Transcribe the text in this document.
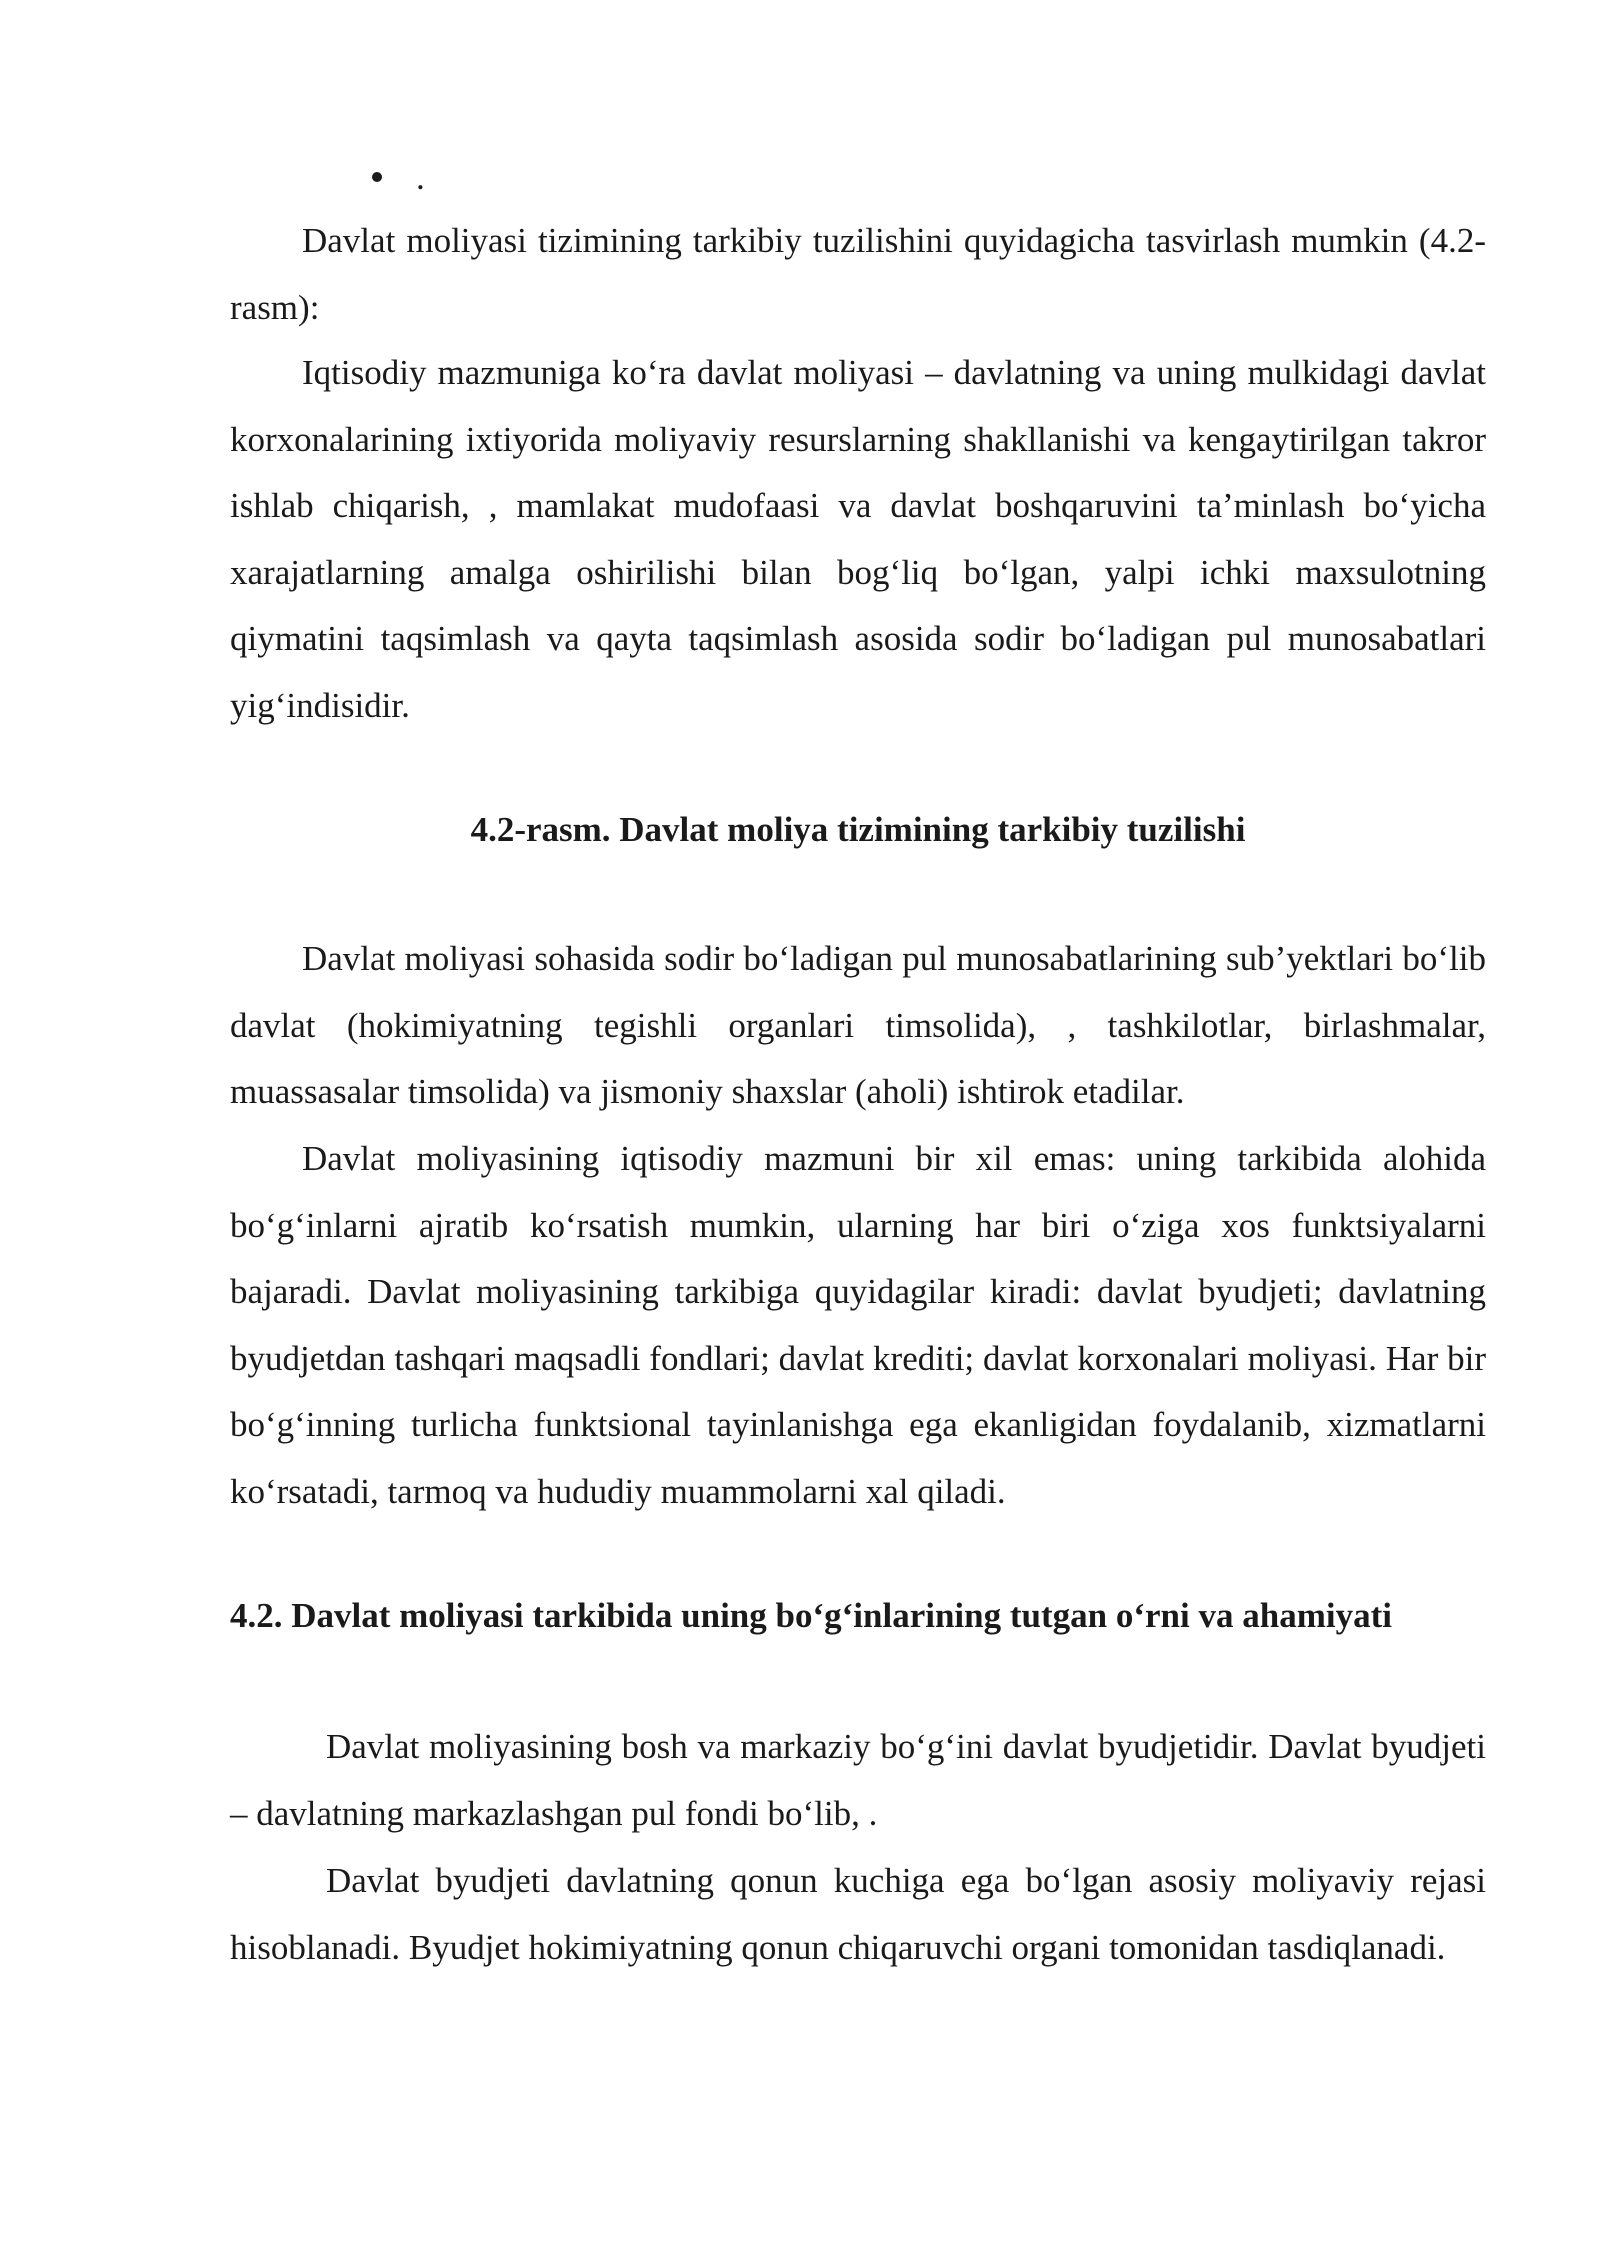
.

Davlat moliyasi tizimining tarkibiy tuzilishini quyidagicha tasvirlash mumkin (4.2-rasm):

Iqtisodiy mazmuniga ko‘ra davlat moliyasi – davlatning va uning mulkidagi davlat korxonalarining ixtiyorida moliyaviy resurslarning shakllanishi va kengaytirilgan takror ishlab chiqarish, , mamlakat mudofaasi va davlat boshqaruvini ta’minlash bo‘yicha xarajatlarning amalga oshirilishi bilan bog‘liq bo‘lgan, yalpi ichki maxsulotning qiymatini taqsimlash va qayta taqsimlash asosida sodir bo‘ladigan pul munosabatlari yig‘indisidir.

4.2-rasm. Davlat moliya tizimining tarkibiy tuzilishi

Davlat moliyasi sohasida sodir bo‘ladigan pul munosabatlarining sub’yektlari bo‘lib davlat (hokimiyatning tegishli organlari timsolida), , tashkilotlar, birlashmalar, muassasalar timsolida) va jismoniy shaxslar (aholi) ishtirok etadilar.

Davlat moliyasining iqtisodiy mazmuni bir xil emas: uning tarkibida alohida bo‘g‘inlarni ajratib ko‘rsatish mumkin, ularning har biri o‘ziga xos funktsiyalarni bajaradi. Davlat moliyasining tarkibiga quyidagilar kiradi: davlat byudjeti; davlatning byudjetdan tashqari maqsadli fondlari; davlat krediti; davlat korxonalari moliyasi. Har bir bo‘g‘inning turlicha funktsional tayinlanishga ega ekanligidan foydalanib, xizmatlarni ko‘rsatadi, tarmoq va hududiy muammolarni xal qiladi.

4.2. Davlat moliyasi tarkibida uning bo‘g‘inlarining tutgan o‘rni va ahamiyati

Davlat moliyasining bosh va markaziy bo‘g‘ini davlat byudjetidir. Davlat byudjeti – davlatning markazlashgan pul fondi bo‘lib, .

Davlat byudjeti davlatning qonun kuchiga ega bo‘lgan asosiy moliyaviy rejasi hisoblanadi. Byudjet hokimiyatning qonun chiqaruvchi organi tomonidan tasdiqlanadi.
